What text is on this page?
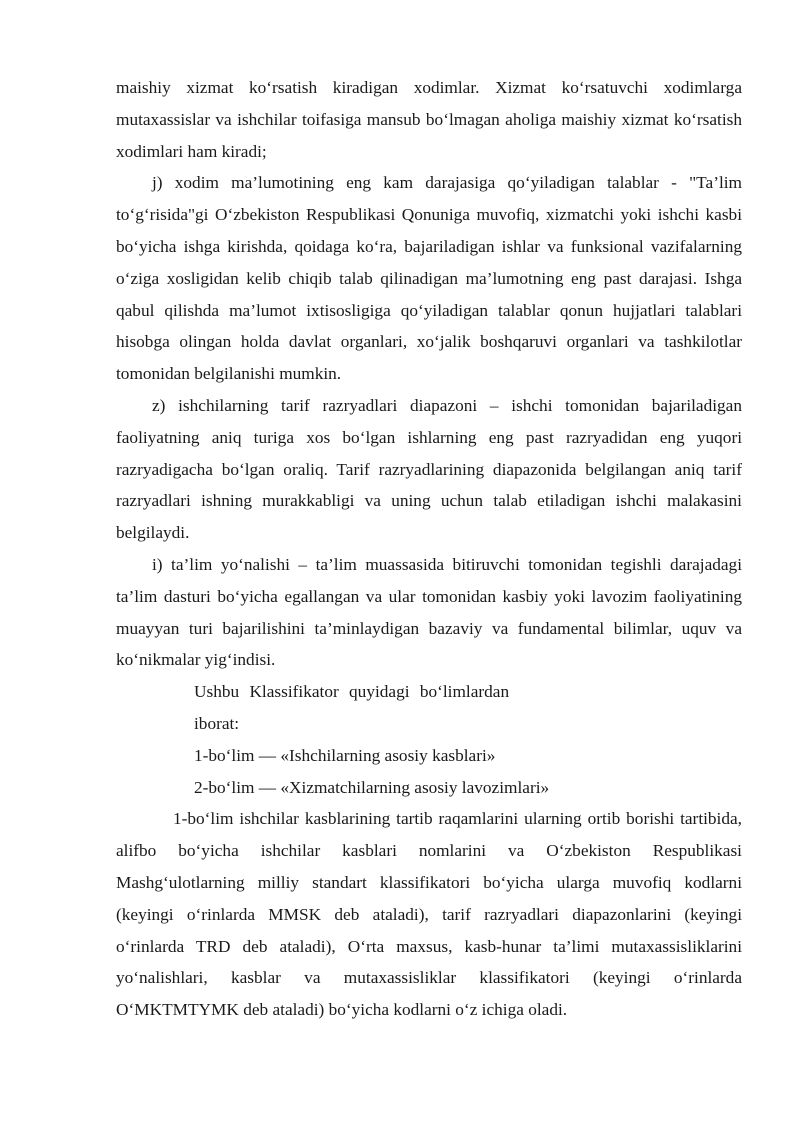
maishiy xizmat ko‘rsatish kiradigan xodimlar. Xizmat ko‘rsatuvchi xodimlarga mutaxassislar va ishchilar toifasiga mansub bo‘lmagan aholiga maishiy xizmat ko‘rsatish xodimlari ham kiradi;

j) xodim ma’lumotining eng kam darajasiga qo‘yiladigan talablar - "Ta’lim to‘g‘risida"gi O‘zbekiston Respublikasi Qonuniga muvofiq, xizmatchi yoki ishchi kasbi bo‘yicha ishga kirishda, qoidaga ko‘ra, bajariladigan ishlar va funksional vazifalarning o‘ziga xosligidan kelib chiqib talab qilinadigan ma’lumotning eng past darajasi. Ishga qabul qilishda ma’lumot ixtisosligiga qo‘yiladigan talablar qonun hujjatlari talablari hisobga olingan holda davlat organlari, xo‘jalik boshqaruvi organlari va tashkilotlar tomonidan belgilanishi mumkin.

z) ishchilarning tarif razryadlari diapazoni – ishchi tomonidan bajariladigan faoliyatning aniq turiga xos bo‘lgan ishlarning eng past razryadidan eng yuqori razryadigacha bo‘lgan oraliq. Tarif razryadlarining diapazonida belgilangan aniq tarif razryadlari ishning murakkabligi va uning uchun talab etiladigan ishchi malakasini belgilaydi.

i) ta’lim yo‘nalishi – ta’lim muassasida bitiruvchi tomonidan tegishli darajadagi ta’lim dasturi bo‘yicha egallangan va ular tomonidan kasbiy yoki lavozim faoliyatining muayyan turi bajarilishini ta’minlaydigan bazaviy va fundamental bilimlar, uquv va ko‘nikmalar yig‘indisi.

Ushbu Klassifikator quyidagi bo‘limlardan

iborat:

1-bo‘lim — «Ishchilarning asosiy kasblari»

2-bo‘lim — «Xizmatchilarning asosiy lavozimlari»

1-bo‘lim ishchilar kasblarining tartib raqamlarini ularning ortib borishi tartibida, alifbo bo‘yicha ishchilar kasblari nomlarini va O‘zbekiston Respublikasi Mashg‘ulotlarning milliy standart klassifikatori bo‘yicha ularga muvofiq kodlarni (keyingi o‘rinlarda MMSK deb ataladi), tarif razryadlari diapazonlarini (keyingi o‘rinlarda TRD deb ataladi), O‘rta maxsus, kasb-hunar ta’limi mutaxassisliklarini yo‘nalishlari, kasblar va mutaxassisliklar klassifikatori (keyingi o‘rinlarda O‘MKTMTYMK deb ataladi) bo‘yicha kodlarni o‘z ichiga oladi.
